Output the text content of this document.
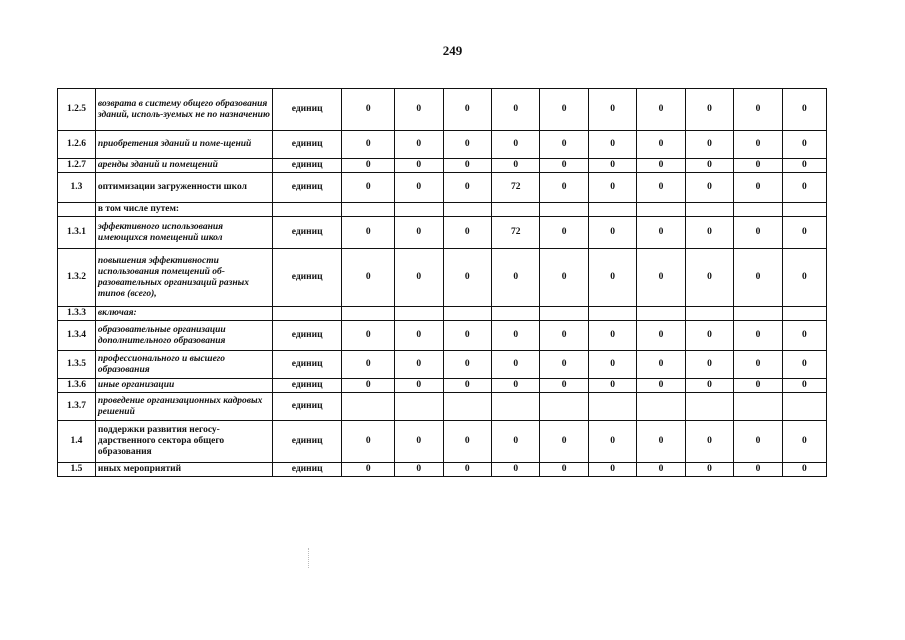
249
1.2.5	возврата в систему общего образования зданий, исполь-зуемых не по назначению	единиц	0	0	0	0	0	0	0	0	0	0
1.2.6	приобретения зданий и поме-щений	единиц	0	0	0	0	0	0	0	0	0	0
1.2.7	аренды зданий и помещений	единиц	0	0	0	0	0	0	0	0	0	0
1.3	оптимизации загруженности школ	единиц	0	0	0	72	0	0	0	0	0	0
	в том числе путем:											
1.3.1	эффективного использования имеющихся помещений школ	единиц	0	0	0	72	0	0	0	0	0	0
1.3.2	повышения эффективности использования помещений об-разовательных организаций разных типов (всего),	единиц	0	0	0	0	0	0	0	0	0	0
1.3.3	включая:											
1.3.4	образовательные организации дополнительного образования	единиц	0	0	0	0	0	0	0	0	0	0
1.3.5	профессионального и высшего образования	единиц	0	0	0	0	0	0	0	0	0	0
1.3.6	иные организации	единиц	0	0	0	0	0	0	0	0	0	0
1.3.7	проведение организационных кадровых решений	единиц										
1.4	поддержки развития негосу-дарственного сектора общего образования	единиц	0	0	0	0	0	0	0	0	0	0
1.5	иных мероприятий	единиц	0	0	0	0	0	0	0	0	0	0
